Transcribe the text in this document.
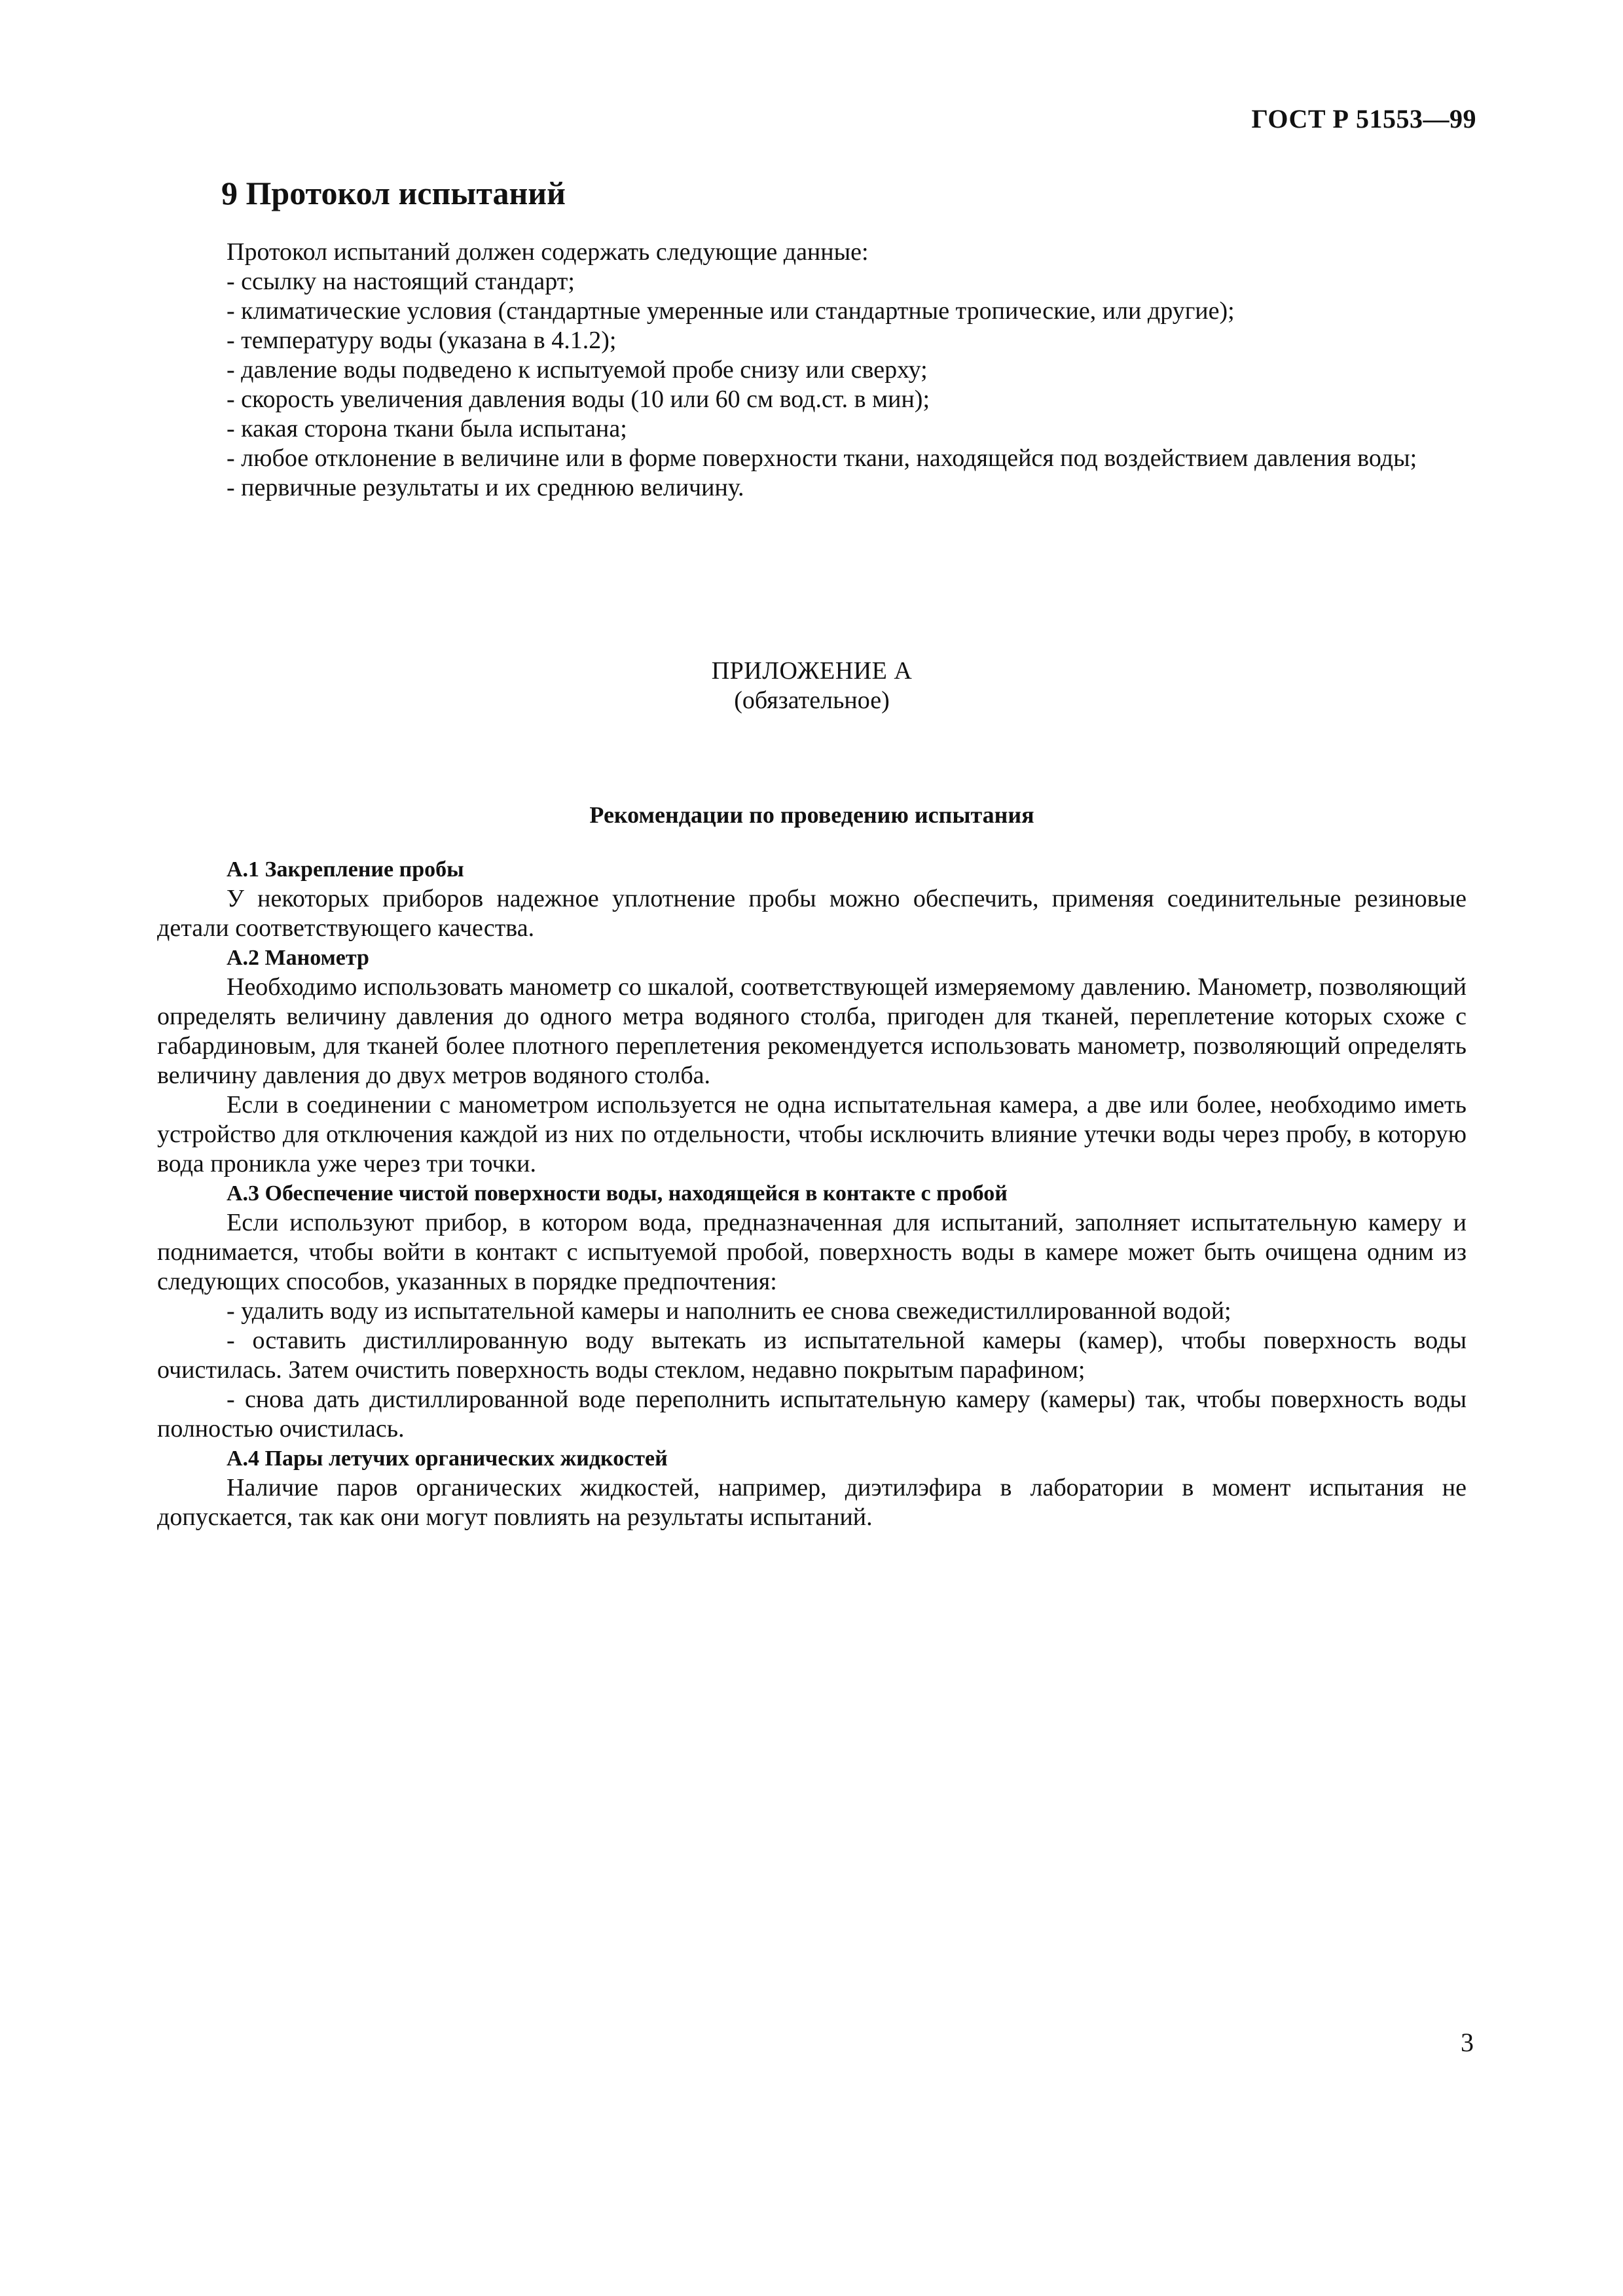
ГОСТ Р 51553—99
9 Протокол испытаний

Протокол испытаний должен содержать следующие данные:

- ссылку на настоящий стандарт;

- климатические условия (стандартные умеренные или стандартные тропические, или другие);

- температуру воды (указана в 4.1.2);

- давление воды подведено к испытуемой пробе снизу или сверху;

- скорость увеличения давления воды (10 или 60 см вод.ст. в мин);

- какая сторона ткани была испытана;

- любое отклонение в величине или в форме поверхности ткани, находящейся под воздействием давления воды;

- первичные результаты и их среднюю величину.

ПРИЛОЖЕНИЕ А

(обязательное)

Рекомендации по проведению испытания

А.1 Закрепление пробы

У некоторых приборов надежное уплотнение пробы можно обеспечить, применяя соединительные резиновые детали соответствующего качества.

А.2 Манометр

Необходимо использовать манометр со шкалой, соответствующей измеряемому давлению. Манометр, позволяющий определять величину давления до одного метра водяного столба, пригоден для тканей, переплетение которых схоже с габардиновым, для тканей более плотного переплетения рекомендуется использовать манометр, позволяющий определять величину давления до двух метров водяного столба.

Если в соединении с манометром используется не одна испытательная камера, а две или более, необходимо иметь устройство для отключения каждой из них по отдельности, чтобы исключить влияние утечки воды через пробу, в которую вода проникла уже через три точки.

А.3 Обеспечение чистой поверхности воды, находящейся в контакте с пробой

Если используют прибор, в котором вода, предназначенная для испытаний, заполняет испытательную камеру и поднимается, чтобы войти в контакт с испытуемой пробой, поверхность воды в камере может быть очищена одним из следующих способов, указанных в порядке предпочтения:

- удалить воду из испытательной камеры и наполнить ее снова свежедистиллированной водой;

- оставить дистиллированную воду вытекать из испытательной камеры (камер), чтобы поверхность воды очистилась. Затем очистить поверхность воды стеклом, недавно покрытым парафином;

- снова дать дистиллированной воде переполнить испытательную камеру (камеры) так, чтобы поверхность воды полностью очистилась.

А.4 Пары летучих органических жидкостей

Наличие паров органических жидкостей, например, диэтилэфира в лаборатории в момент испытания не допускается, так как они могут повлиять на результаты испытаний.

3
